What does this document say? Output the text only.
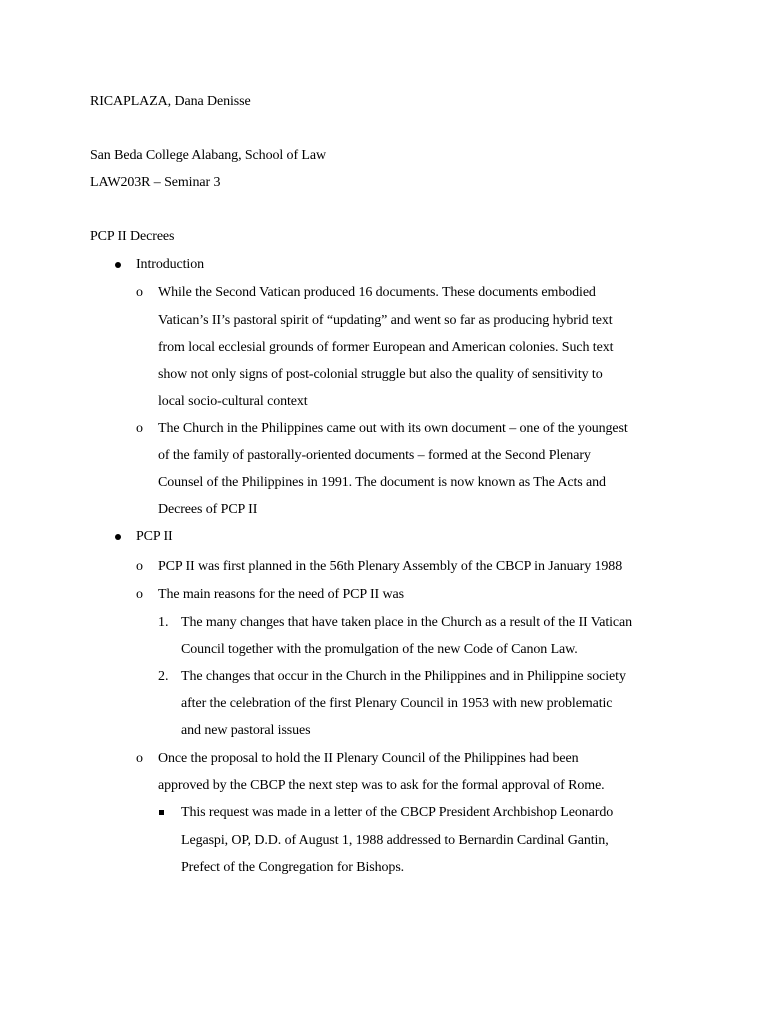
RICAPLAZA, Dana Denisse
San Beda College Alabang, School of Law
LAW203R – Seminar 3
PCP II Decrees
Introduction
o While the Second Vatican produced 16 documents. These documents embodied
Vatican’s II’s pastoral spirit of “updating” and went so far as producing hybrid text
from local ecclesial grounds of former European and American colonies. Such text
show not only signs of post-colonial struggle but also the quality of sensitivity to
local socio-cultural context
o The Church in the Philippines came out with its own document – one of the youngest
of the family of pastorally-oriented documents – formed at the Second Plenary
Counsel of the Philippines in 1991. The document is now known as The Acts and
Decrees of PCP II
PCP II
o PCP II was first planned in the 56th Plenary Assembly of the CBCP in January 1988
o The main reasons for the need of PCP II was
1. The many changes that have taken place in the Church as a result of the II Vatican
Council together with the promulgation of the new Code of Canon Law.
2. The changes that occur in the Church in the Philippines and in Philippine society
after the celebration of the first Plenary Council in 1953 with new problematic
and new pastoral issues
o Once the proposal to hold the II Plenary Council of the Philippines had been
approved by the CBCP the next step was to ask for the formal approval of Rome.
This request was made in a letter of the CBCP President Archbishop Leonardo
Legaspi, OP, D.D. of August 1, 1988 addressed to Bernardin Cardinal Gantin,
Prefect of the Congregation for Bishops.
